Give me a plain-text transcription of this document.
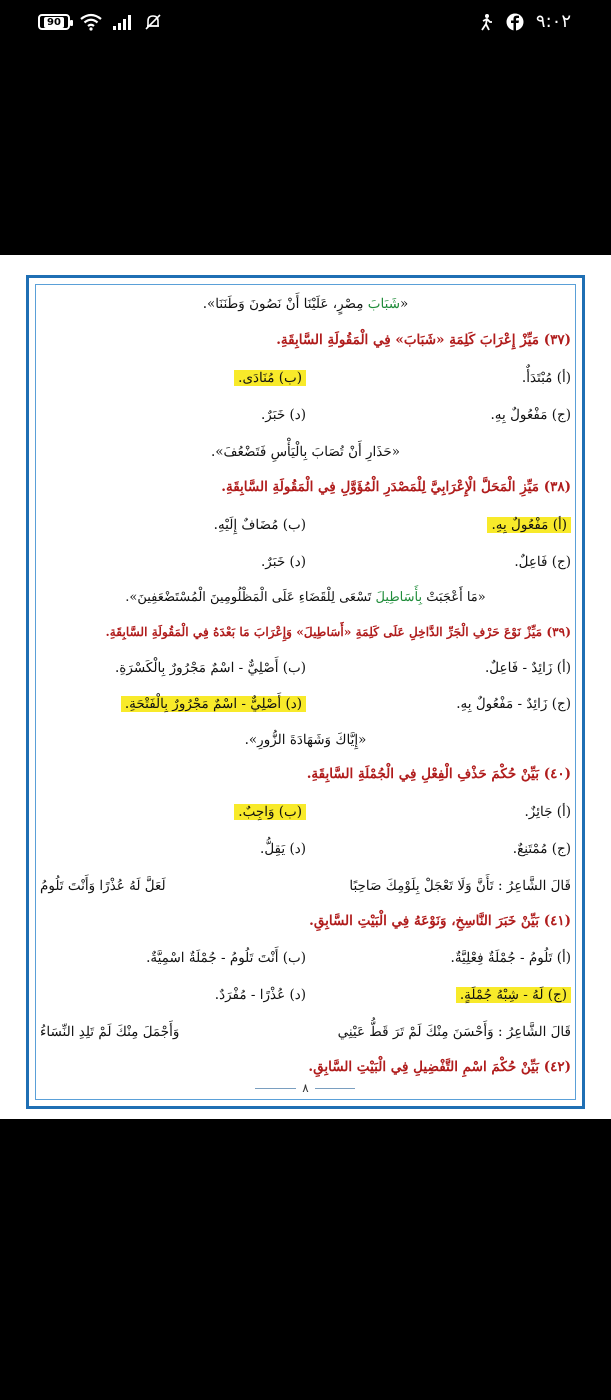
90	٩:٠٢
«شَبَابَ مِصْرٍ، عَلَيْنَا أَنْ نَصُونَ وَطَنَنَا».
(٣٧) مَيِّزْ إِعْرَابَ كَلِمَةِ «شَبَابَ» فِي الْمَقُولَةِ السَّابِقَةِ.
(أ) مُبْتَدَأٌ.
(ب) مُنَادَى.
(ج) مَفْعُولٌ بِهِ.
(د) خَبَرٌ.
«حَذَارِ أَنْ تُصَابَ بِالْيَأْسِ فَتَضْعُفَ».
(٣٨) مَيِّزِ الْمَحَلَّ الْإِعْرَابِيَّ لِلْمَصْدَرِ الْمُؤَوَّلِ فِي الْمَقُولَةِ السَّابِقَةِ.
(أ) مَفْعُولٌ بِهِ.
(ب) مُضَافٌ إِلَيْهِ.
(ج) فَاعِلٌ.
(د) خَبَرٌ.
«مَا أَعْجَبَتْ بِأَسَاطِيلَ تَسْعَى لِلْقَضَاءِ عَلَى الْمَظْلُومِينَ الْمُسْتَضْعَفِينَ».
(٣٩) مَيِّزْ نَوْعَ حَرْفِ الْجَرِّ الدَّاخِلِ عَلَى كَلِمَةِ «أَسَاطِيلَ» وَإِعْرَابَ مَا بَعْدَهُ فِي الْمَقُولَةِ السَّابِقَةِ.
(أ) زَائِدٌ - فَاعِلٌ.
(ب) أَصْلِيٌّ - اسْمٌ مَجْرُورٌ بِالْكَسْرَةِ.
(ج) زَائِدٌ - مَفْعُولٌ بِهِ.
(د) أَصْلِيٌّ - اسْمٌ مَجْرُورٌ بِالْفَتْحَةِ.
«إِيَّاكَ وَشَهَادَةَ الزُّورِ».
(٤٠) بَيِّنْ حُكْمَ حَذْفِ الْفِعْلِ فِي الْجُمْلَةِ السَّابِقَةِ.
(أ) جَائِزٌ.
(ب) وَاجِبٌ.
(ج) مُمْتَنِعٌ.
(د) يَقِلُّ.
قَالَ الشَّاعِرُ : تَأَنَّ وَلَا تَعْجَلْ بِلَوْمِكَ صَاحِبًا
لَعَلَّ لَهُ عُذْرًا وَأَنْتَ تَلُومُ
(٤١) بَيِّنْ خَبَرَ النَّاسِخِ، وَنَوْعَهُ فِي الْبَيْتِ السَّابِقِ.
(أ) تَلُومُ - جُمْلَةٌ فِعْلِيَّةٌ.
(ب) أَنْتَ تَلُومُ - جُمْلَةٌ اسْمِيَّةٌ.
(ج) لَهُ - شِبْهُ جُمْلَةٍ.
(د) عُذْرًا - مُفْرَدٌ.
قَالَ الشَّاعِرُ : وَأَحْسَنَ مِنْكَ لَمْ تَرَ قَطُّ عَيْنِي
وَأَجْمَلَ مِنْكَ لَمْ تَلِدِ النِّسَاءُ
(٤٢) بَيِّنْ حُكْمَ اسْمِ التَّفْضِيلِ فِي الْبَيْتِ السَّابِقِ.
٨
